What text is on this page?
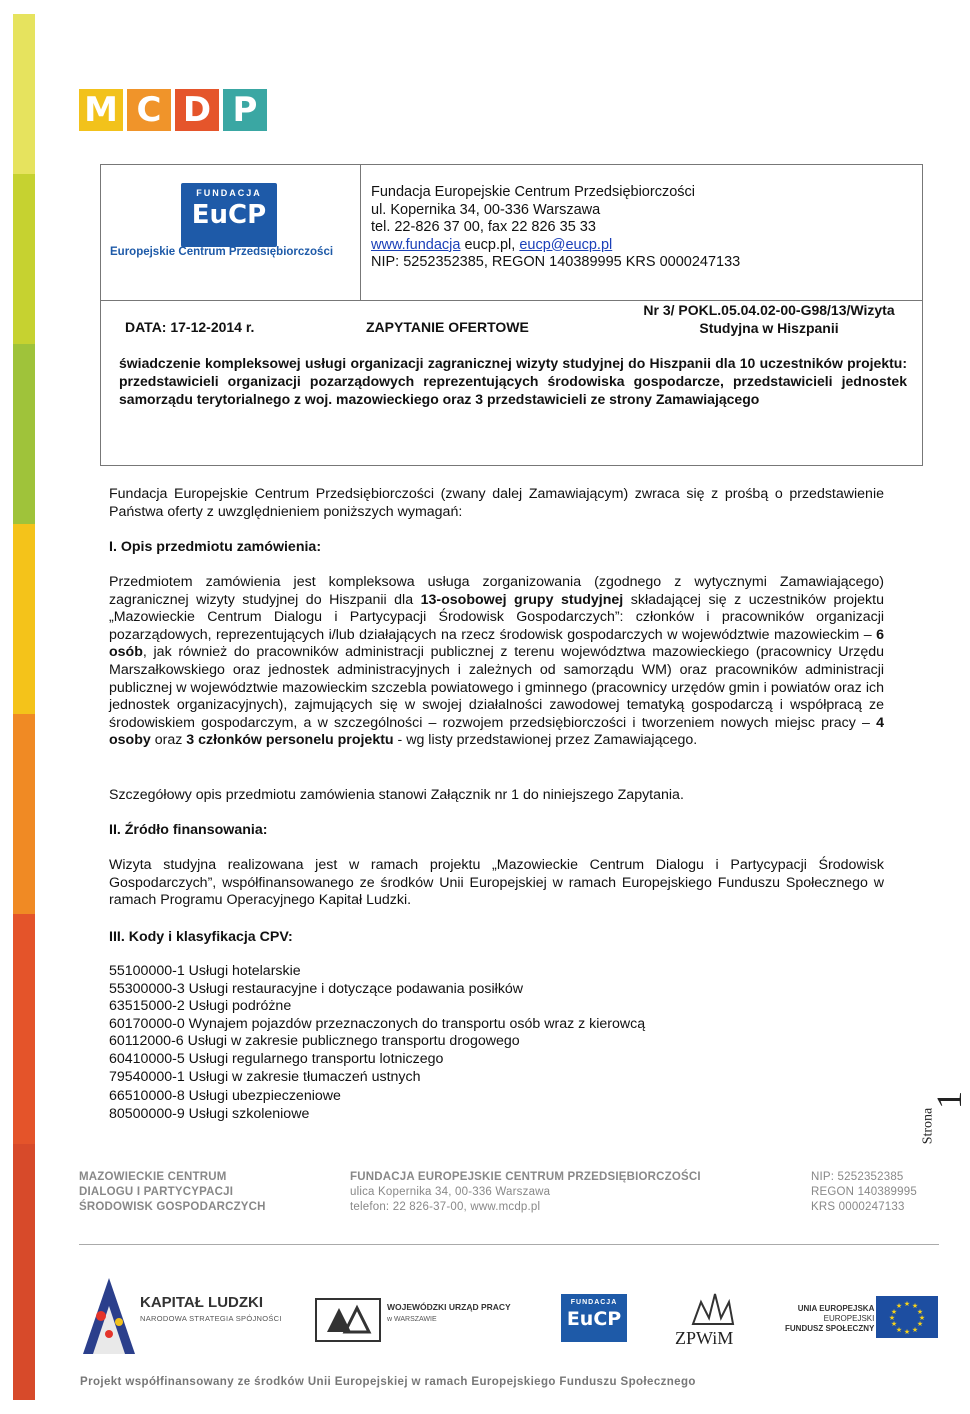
M C D P
FUNDACJA
EuCP
Europejskie Centrum Przedsiębiorczości
Fundacja Europejskie Centrum Przedsiębiorczości
ul. Kopernika 34, 00-336 Warszawa
tel. 22-826 37 00, fax 22 826 35 33
www.fundacja eucp.pl, eucp@eucp.pl
NIP: 5252352385, REGON 140389995 KRS 0000247133
DATA: 17-12-2014 r.	ZAPYTANIE OFERTOWE
Nr 3/ POKL.05.04.02-00-G98/13/Wizyta
Studyjna w Hiszpanii
świadczenie kompleksowej usługi organizacji zagranicznej wizyty studyjnej do Hiszpanii dla 10 uczestników projektu: przedstawicieli organizacji pozarządowych reprezentujących środowiska gospodarcze, przedstawicieli jednostek samorządu terytorialnego z woj. mazowieckiego oraz 3 przedstawicieli ze strony Zamawiającego
Fundacja Europejskie Centrum Przedsiębiorczości (zwany dalej Zamawiającym) zwraca się z prośbą o przedstawienie Państwa oferty z uwzględnieniem poniższych wymagań:
I. Opis przedmiotu zamówienia:
Przedmiotem zamówienia jest kompleksowa usługa zorganizowania (zgodnego z wytycznymi Zamawiającego) zagranicznej wizyty studyjnej do Hiszpanii dla 13-osobowej grupy studyjnej składającej się z uczestników projektu „Mazowieckie Centrum Dialogu i Partycypacji Środowisk Gospodarczych”: członków i pracowników organizacji pozarządowych, reprezentujących i/lub działających na rzecz środowisk gospodarczych w województwie mazowieckim – 6 osób, jak również do pracowników administracji publicznej z terenu województwa mazowieckiego (pracownicy Urzędu Marszałkowskiego oraz jednostek administracyjnych i zależnych od samorządu WM) oraz pracowników administracji publicznej w województwie mazowieckim szczebla powiatowego i gminnego (pracownicy urzędów gmin i powiatów oraz ich jednostek organizacyjnych), zajmujących się w swojej działalności zawodowej tematyką gospodarczą i współpracą ze środowiskiem gospodarczym, a w szczególności – rozwojem przedsiębiorczości i tworzeniem nowych miejsc pracy – 4 osoby oraz 3 członków personelu projektu - wg listy przedstawionej przez Zamawiającego.
Szczegółowy opis przedmiotu zamówienia stanowi Załącznik nr 1 do niniejszego Zapytania.
II. Źródło finansowania:
Wizyta studyjna realizowana jest w ramach projektu „Mazowieckie Centrum Dialogu i Partycypacji Środowisk Gospodarczych”, współfinansowanego ze środków Unii Europejskiej w ramach Europejskiego Funduszu Społecznego w ramach Programu Operacyjnego Kapitał Ludzki.
III. Kody i klasyfikacja CPV:
55100000-1 Usługi hotelarskie
55300000-3 Usługi restauracyjne i dotyczące podawania posiłków
63515000-2 Usługi podróżne
60170000-0 Wynajem pojazdów przeznaczonych do transportu osób wraz z kierowcą
60112000-6 Usługi w zakresie publicznego transportu drogowego
60410000-5 Usługi regularnego transportu lotniczego
79540000-1 Usługi w zakresie tłumaczeń ustnych
66510000-8 Usługi ubezpieczeniowe
80500000-9 Usługi szkoleniowe
1
Strona
MAZOWIECKIE CENTRUM
DIALOGU I PARTYCYPACJI
ŚRODOWISK GOSPODARCZYCH
FUNDACJA EUROPEJSKIE CENTRUM PRZEDSIĘBIORCZOŚCI
ulica Kopernika 34, 00-336 Warszawa
telefon: 22 826-37-00, www.mcdp.pl
NIP: 5252352385
REGON 140389995
KRS 0000247133
KAPITAŁ LUDZKI
NARODOWA STRATEGIA SPÓJNOŚCI
WOJEWÓDZKI URZĄD PRACY
w WARSZAWIE
FUNDACJA
EuCP
ZPWiM
UNIA EUROPEJSKA
EUROPEJSKI
FUNDUSZ SPOŁECZNY
★ ★
★
★
★
★
★
★
★
★
★
★
Projekt współfinansowany ze środków Unii Europejskiej w ramach Europejskiego Funduszu Społecznego
